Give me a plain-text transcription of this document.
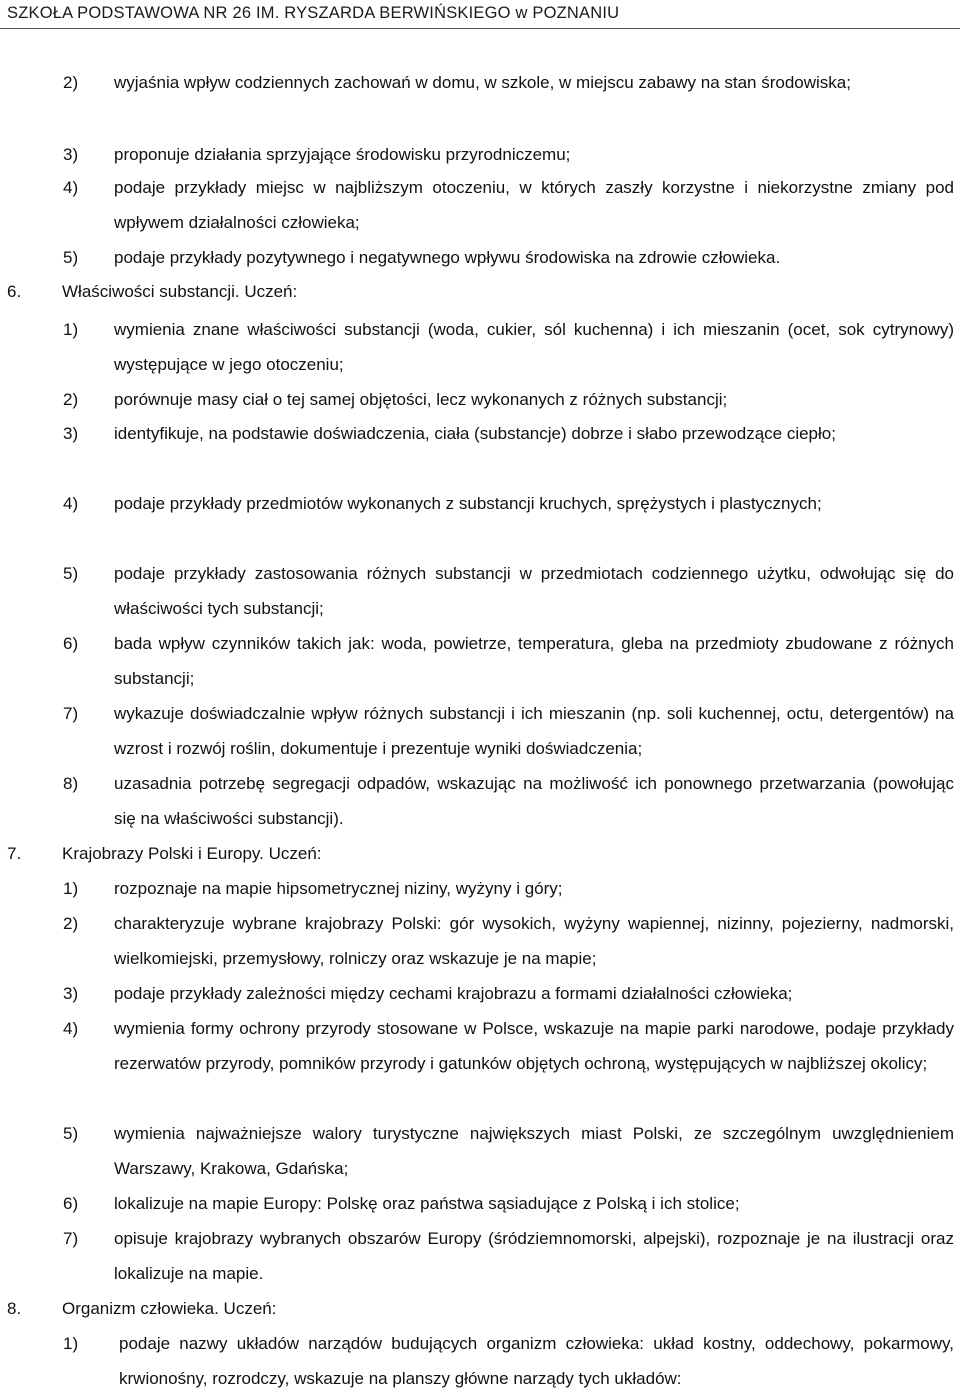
SZKOŁA PODSTAWOWA NR 26 IM. RYSZARDA BERWIŃSKIEGO w POZNANIU
2) wyjaśnia wpływ codziennych zachowań w domu, w szkole, w miejscu zabawy na stan środowiska;
3) proponuje działania sprzyjające środowisku przyrodniczemu;
4) podaje przykłady miejsc w najbliższym otoczeniu, w których zaszły korzystne i niekorzystne zmiany pod wpływem działalności człowieka;
5) podaje przykłady pozytywnego i negatywnego wpływu środowiska na zdrowie człowieka.
6. Właściwości substancji. Uczeń:
1) wymienia znane właściwości substancji (woda, cukier, sól kuchenna) i ich mieszanin (ocet, sok cytrynowy) występujące w jego otoczeniu;
2) porównuje masy ciał o tej samej objętości, lecz wykonanych z różnych substancji;
3) identyfikuje, na podstawie doświadczenia, ciała (substancje) dobrze i słabo przewodzące ciepło;
4) podaje przykłady przedmiotów wykonanych z substancji kruchych, sprężystych i plastycznych;
5) podaje przykłady zastosowania różnych substancji w przedmiotach codziennego użytku, odwołując się do właściwości tych substancji;
6) bada wpływ czynników takich jak: woda, powietrze, temperatura, gleba na przedmioty zbudowane z różnych substancji;
7) wykazuje doświadczalnie wpływ różnych substancji i ich mieszanin (np. soli kuchennej, octu, detergentów) na wzrost i rozwój roślin, dokumentuje i prezentuje wyniki doświadczenia;
8) uzasadnia potrzebę segregacji odpadów, wskazując na możliwość ich ponownego przetwarzania (powołując się na właściwości substancji).
7. Krajobrazy Polski i Europy. Uczeń:
1) rozpoznaje na mapie hipsometrycznej niziny, wyżyny i góry;
2) charakteryzuje wybrane krajobrazy Polski: gór wysokich, wyżyny wapiennej, nizinny, pojezierny, nadmorski, wielkomiejski, przemysłowy, rolniczy oraz wskazuje je na mapie;
3) podaje przykłady zależności między cechami krajobrazu a formami działalności człowieka;
4) wymienia formy ochrony przyrody stosowane w Polsce, wskazuje na mapie parki narodowe, podaje przykłady rezerwatów przyrody, pomników przyrody i gatunków objętych ochroną, występujących w najbliższej okolicy;
5) wymienia najważniejsze walory turystyczne największych miast Polski, ze szczególnym uwzględnieniem Warszawy, Krakowa, Gdańska;
6) lokalizuje na mapie Europy: Polskę oraz państwa sąsiadujące z Polską i ich stolice;
7) opisuje krajobrazy wybranych obszarów Europy (śródziemnomorski, alpejski), rozpoznaje je na ilustracji oraz lokalizuje na mapie.
8. Organizm człowieka. Uczeń:
1) podaje nazwy układów narządów budujących organizm człowieka: układ kostny, oddechowy, pokarmowy, krwionośny, rozrodczy, wskazuje na planszy główne narządy tych układów:
